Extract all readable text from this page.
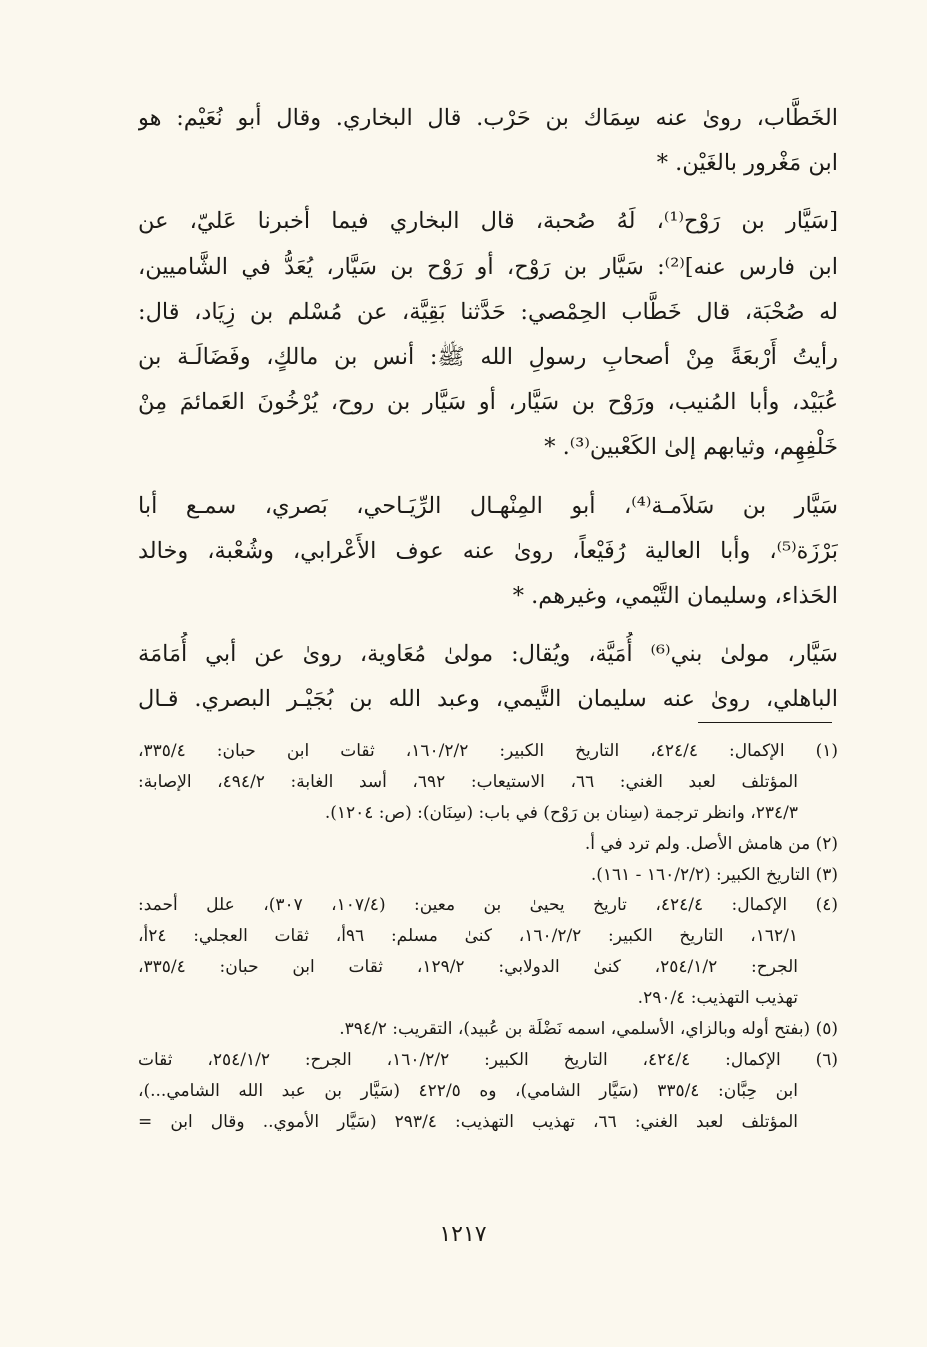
الخَطَّاب، روىٰ عنه سِمَاك بن حَرْب. قال البخاري. وقال أبو نُعَيْم: هو
ابن مَغْرور بالغَيْن. *
[سَيَّار بن رَوْح⁽¹⁾، لَهُ صُحبة، قال البخاري فيما أخبرنا عَليّ، عن
ابن فارس عنه]⁽²⁾: سَيَّار بن رَوْح، أو رَوْح بن سَيَّار، يُعَدُّ في الشَّاميين،
له صُحْبَة، قال خَطَّاب الحِمْصي: حَدَّثنا بَقِيَّة، عن مُسْلم بن زِيَاد، قال:
رأيتُ أَرْبعَةً مِنْ أصحابِ رسولِ الله ﷺ: أنس بن مالكٍ، وفَضَالَـة بن
عُبَيْد، وأبا المُنيب، ورَوْح بن سَيَّار، أو سَيَّار بن روح، يُرْخُونَ العَمائمَ مِنْ
خَلْفِهِم، وثيابهم إلىٰ الكَعْبين⁽³⁾. *
سَيَّار بن سَلاَمـة⁽⁴⁾، أبو المِنْهـال الرِّيَـاحي، بَصري، سمـع أبا
بَرْزَة⁽⁵⁾، وأبا العالية رُفَيْعاً، روىٰ عنه عوف الأَعْرابي، وشُعْبة، وخالد
الحَذاء، وسليمان التَّيْمي، وغيرهم. *
سَيَّار، مولىٰ بني⁽⁶⁾ أُمَيَّة، ويُقال: مولىٰ مُعَاوية، روىٰ عن أبي أُمَامَة
الباهلي، روىٰ عنه سليمان التَّيمي، وعبد الله بن بُجَيْـر البصري. قـال
(١) الإكمال: ٤٢٤/٤، التاريخ الكبير: ١٦٠/٢/٢، ثقات ابن حبان: ٣٣٥/٤،
المؤتلف لعبد الغني: ٦٦، الاستيعاب: ٦٩٢، أسد الغابة: ٤٩٤/٢، الإصابة:
٢٣٤/٣، وانظر ترجمة (سِنان بن رَوْح) في باب: (سِنَان): (ص: ١٢٠٤).
(٢) من هامش الأصل. ولم ترد في أ.
(٣) التاريخ الكبير: (١٦٠/٢/٢ - ١٦١).
(٤) الإكمال: ٤٢٤/٤، تاريخ يحيىٰ بن معين: (١٠٧/٤، ٣٠٧)، علل أحمد:
١٦٢/١، التاريخ الكبير: ١٦٠/٢/٢، كنىٰ مسلم: ٩٦أ، ثقات العجلي: ٢٤أ،
الجرح: ٢٥٤/١/٢، كنىٰ الدولابي: ١٢٩/٢، ثقات ابن حبان: ٣٣٥/٤،
تهذيب التهذيب: ٢٩٠/٤.
(٥) (بفتح أوله وبالزاي، الأسلمي، اسمه نَضْلَة بن عُبيد)، التقريب: ٣٩٤/٢.
(٦) الإكمال: ٤٢٤/٤، التاريخ الكبير: ١٦٠/٢/٢، الجرح: ٢٥٤/١/٢، ثقات
ابن حِبَّان: ٣٣٥/٤ (سَيَّار الشامي)، وه ٤٢٢/٥ (سَيَّار بن عبد الله الشامي...)،
المؤتلف لعبد الغني: ٦٦، تهذيب التهذيب: ٢٩٣/٤ (سَيَّار الأموي.. وقال ابن =
١٢١٧
